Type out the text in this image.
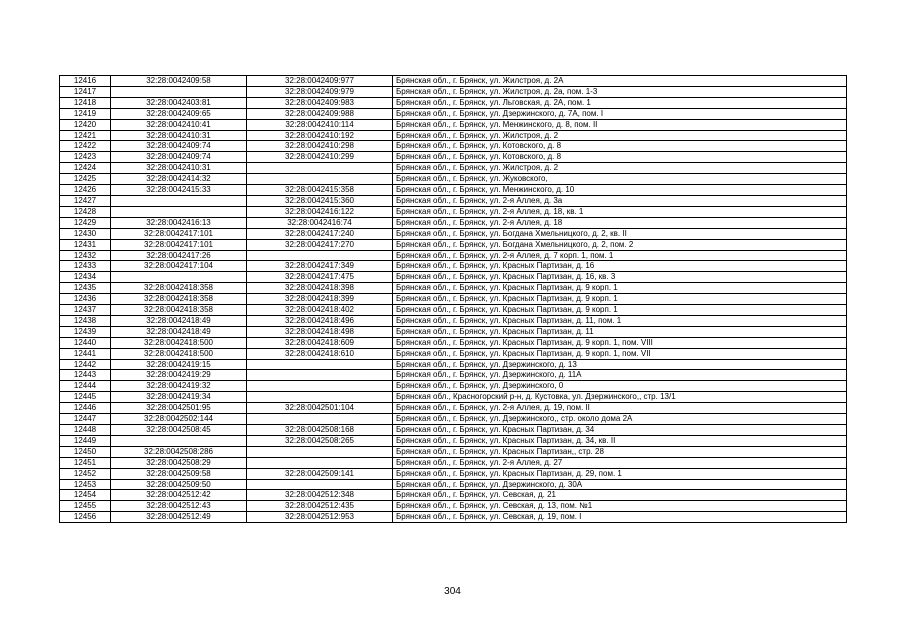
12416	32:28:0042409:58	32:28:0042409:977	Брянская обл., г. Брянск, ул. Жилстроя, д. 2А
12417		32:28:0042409:979	Брянская обл., г. Брянск, ул. Жилстроя, д. 2а, пом. 1-3
12418	32:28:0042403:81	32:28:0042409:983	Брянская обл., г. Брянск, ул. Льговская, д. 2А, пом. 1
12419	32:28:0042409:65	32:28:0042409:988	Брянская обл., г. Брянск, ул. Дзержинского, д. 7А, пом. I
12420	32:28:0042410:41	32:28:0042410:114	Брянская обл., г. Брянск, ул. Менжинского, д. 8, пом. II
12421	32:28:0042410:31	32:28:0042410:192	Брянская обл., г. Брянск, ул. Жилстроя, д. 2
12422	32:28:0042409:74	32:28:0042410:298	Брянская обл., г. Брянск, ул. Котовского, д. 8
12423	32:28:0042409:74	32:28:0042410:299	Брянская обл., г. Брянск, ул. Котовского, д. 8
12424	32:28:0042410:31		Брянская обл., г. Брянск, ул. Жилстроя, д. 2
12425	32:28:0042414:32		Брянская обл., г. Брянск, ул. Жуковского,
12426	32:28:0042415:33	32:28:0042415:358	Брянская обл., г. Брянск, ул. Менжинского, д. 10
12427		32:28:0042415:360	Брянская обл., г. Брянск, ул. 2-я Аллея, д. 3а
12428		32:28:0042416:122	Брянская обл., г. Брянск, ул. 2-я Аллея, д. 18, кв. 1
12429	32:28:0042416:13	32:28:0042416:74	Брянская обл., г. Брянск, ул. 2-я Аллея, д. 18
12430	32:28:0042417:101	32:28:0042417:240	Брянская обл., г. Брянск, ул. Богдана Хмельницкого, д. 2, кв. II
12431	32:28:0042417:101	32:28:0042417:270	Брянская обл., г. Брянск, ул. Богдана Хмельницкого, д. 2, пом. 2
12432	32:28:0042417:26		Брянская обл., г. Брянск, ул. 2-я Аллея, д. 7 корп. 1, пом. 1
12433	32:28:0042417:104	32:28:0042417:349	Брянская обл., г. Брянск, ул. Красных Партизан, д. 16
12434		32:28:0042417:475	Брянская обл., г. Брянск, ул. Красных Партизан, д. 16, кв. 3
12435	32:28:0042418:358	32:28:0042418:398	Брянская обл., г. Брянск, ул. Красных Партизан, д. 9 корп. 1
12436	32:28:0042418:358	32:28:0042418:399	Брянская обл., г. Брянск, ул. Красных Партизан, д. 9 корп. 1
12437	32:28:0042418:358	32:28:0042418:402	Брянская обл., г. Брянск, ул. Красных Партизан, д. 9 корп. 1
12438	32:28:0042418:49	32:28:0042418:496	Брянская обл., г. Брянск, ул. Красных Партизан, д. 11, пом. 1
12439	32:28:0042418:49	32:28:0042418:498	Брянская обл., г. Брянск, ул. Красных Партизан, д. 11
12440	32:28:0042418:500	32:28:0042418:609	Брянская обл., г. Брянск, ул. Красных Партизан, д. 9 корп. 1, пом. VIII
12441	32:28:0042418:500	32:28:0042418:610	Брянская обл., г. Брянск, ул. Красных Партизан, д. 9 корп. 1, пом. VII
12442	32:28:0042419:15		Брянская обл., г. Брянск, ул. Дзержинского, д. 13
12443	32:28:0042419:29		Брянская обл., г. Брянск, ул. Дзержинского, д. 11А
12444	32:28:0042419:32		Брянская обл., г. Брянск, ул. Дзержинского, 0
12445	32:28:0042419:34		Брянская обл., Красногорский р-н, д. Кустовка, ул. Дзержинского,, стр. 13/1
12446	32:28:0042501:95	32:28:0042501:104	Брянская обл., г. Брянск, ул. 2-я Аллея, д. 19, пом. II
12447	32:28:0042502:144		Брянская обл., г. Брянск, ул. Дзержинского,, стр. около дома 2А
12448	32:28:0042508:45	32:28:0042508:168	Брянская обл., г. Брянск, ул. Красных Партизан, д. 34
12449		32:28:0042508:265	Брянская обл., г. Брянск, ул. Красных Партизан, д. 34, кв. II
12450	32:28:0042508:286		Брянская обл., г. Брянск, ул. Красных Партизан,, стр. 28
12451	32:28:0042508:29		Брянская обл., г. Брянск, ул. 2-я Аллея, д. 27
12452	32:28:0042509:58	32:28:0042509:141	Брянская обл., г. Брянск, ул. Красных Партизан, д. 29, пом. 1
12453	32:28:0042509:50		Брянская обл., г. Брянск, ул. Дзержинского, д. 30А
12454	32:28:0042512:42	32:28:0042512:348	Брянская обл., г. Брянск, ул. Севская, д. 21
12455	32:28:0042512:43	32:28:0042512:435	Брянская обл., г. Брянск, ул. Севская, д. 13, пом. №1
12456	32:28:0042512:49	32:28:0042512:953	Брянская обл., г. Брянск, ул. Севская, д. 19, пом. I
304
